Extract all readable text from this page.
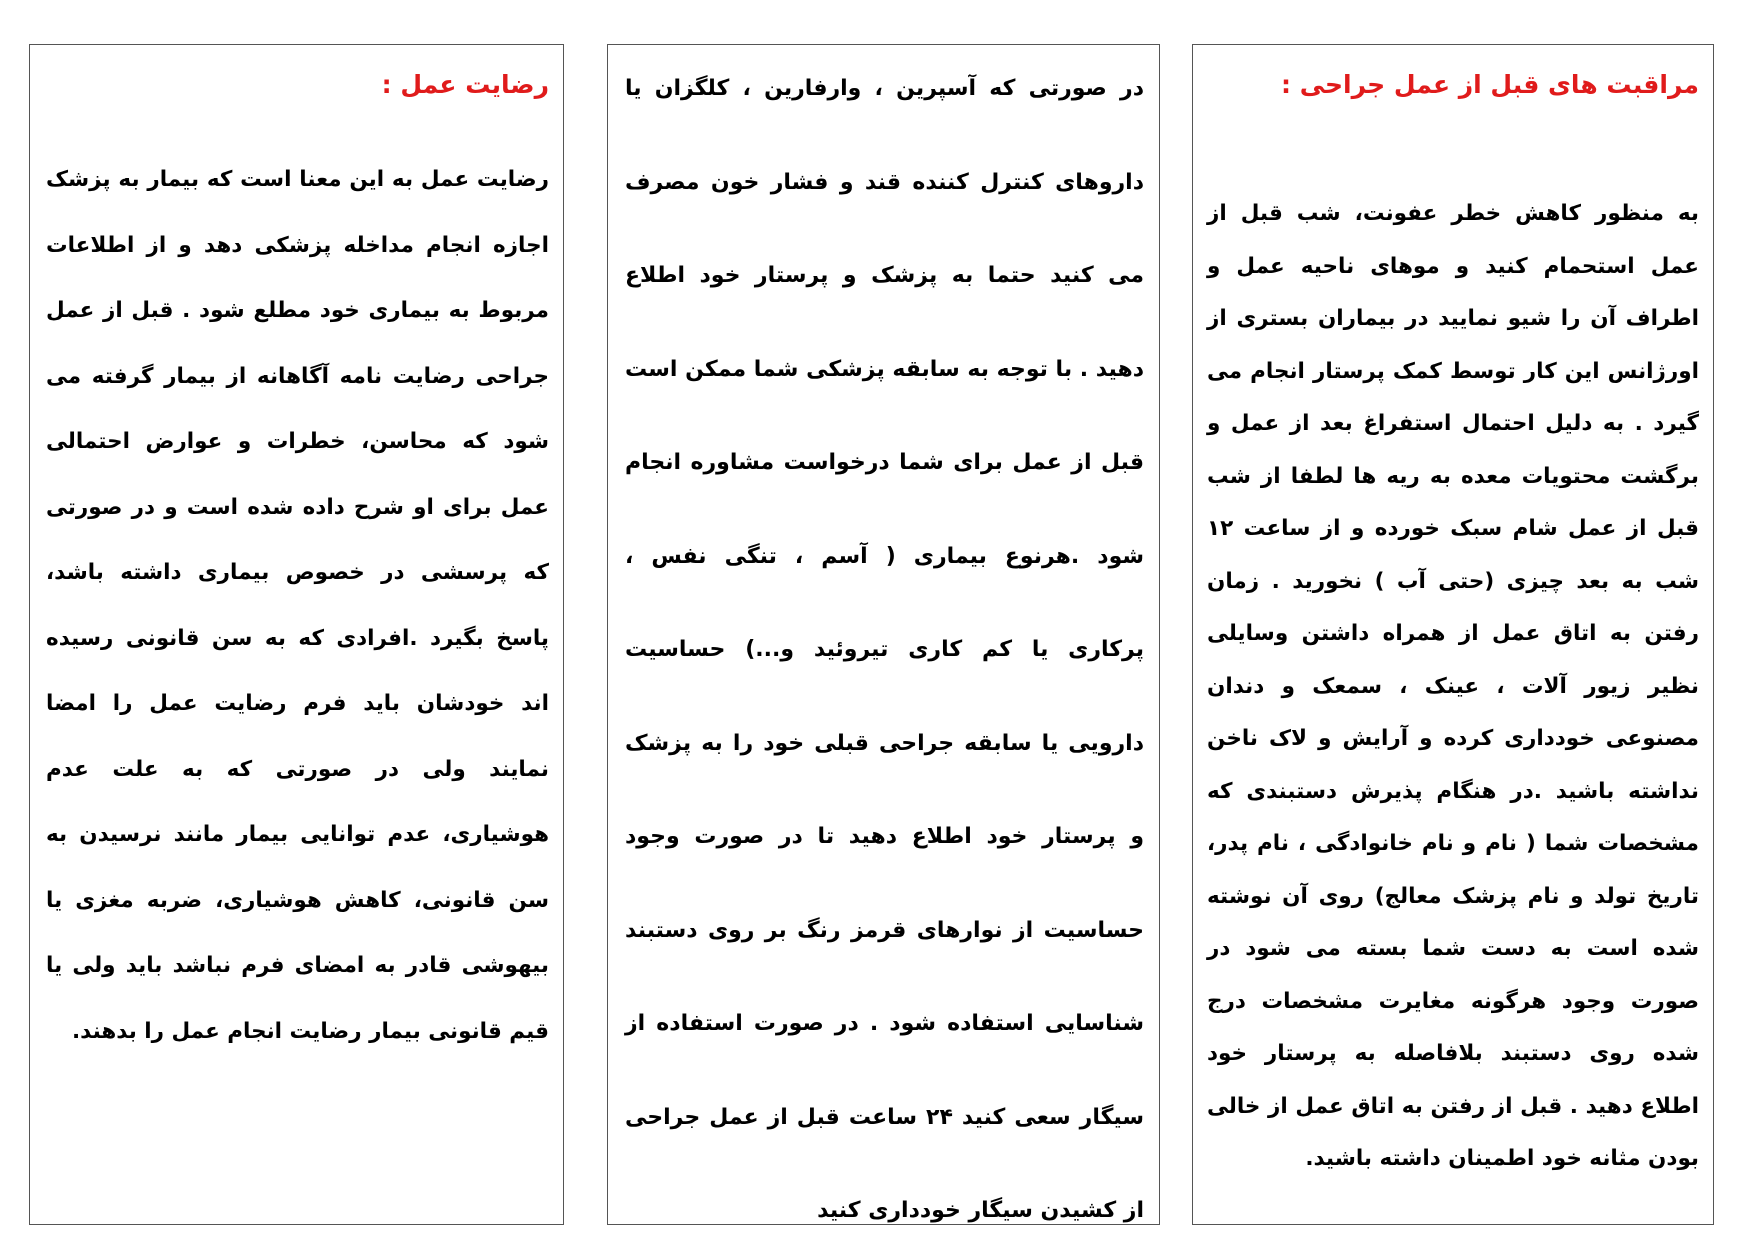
رضایت عمل :

رضایت عمل به این معنا است که بیمار به پزشک اجازه انجام مداخله پزشکی دهد و از اطلاعات مربوط به بیماری خود مطلع شود . قبل از عمل جراحی رضایت نامه آگاهانه از بیمار گرفته می شود که محاسن، خطرات و عوارض احتمالی عمل برای او شرح داده شده است و در صورتی که پرسشی در خصوص بیماری داشته باشد، پاسخ بگیرد .افرادی که به سن قانونی رسیده اند خودشان باید فرم رضایت عمل را امضا نمایند ولی در صورتی که به علت عدم هوشیاری، عدم توانایی بیمار مانند نرسیدن به سن قانونی، کاهش هوشیاری، ضربه مغزی یا بیهوشی قادر به امضای فرم نباشد باید ولی یا قیم قانونی بیمار رضایت انجام عمل را بدهند.

در صورتی که آسپرین ، وارفارین ، کلگزان یا داروهای کنترل کننده قند و فشار خون مصرف می کنید حتما به پزشک و پرستار خود اطلاع دهید . با توجه به سابقه پزشکی شما ممکن است قبل از عمل برای شما درخواست مشاوره انجام شود .هرنوع بیماری ( آسم ، تنگی نفس ، پرکاری یا کم کاری تیروئید و...) حساسیت دارویی یا سابقه جراحی قبلی خود را به پزشک و پرستار خود اطلاع دهید تا در صورت وجود حساسیت از نوارهای قرمز رنگ بر روی دستبند شناسایی استفاده شود . در صورت استفاده از سیگار سعی کنید ۲۴ ساعت قبل از عمل جراحی از کشیدن سیگار خودداری کنید

مراقبت های قبل از عمل جراحی :

به منظور کاهش خطر عفونت، شب قبل از عمل استحمام کنید و موهای ناحیه عمل و اطراف آن را شیو نمایید در بیماران بستری از اورژانس این کار توسط کمک پرستار انجام می گیرد . به دلیل احتمال استفراغ بعد از عمل و برگشت محتویات معده به ریه ها لطفا از شب قبل از عمل شام سبک خورده و از ساعت ۱۲ شب به بعد چیزی (حتی آب ) نخورید . زمان رفتن به اتاق عمل از همراه داشتن وسایلی نظیر زیور آلات ، عینک ، سمعک و دندان مصنوعی خودداری کرده و آرایش و لاک ناخن نداشته باشید .در هنگام پذیرش دستبندی که مشخصات شما ( نام و نام خانوادگی ، نام پدر، تاریخ تولد و نام پزشک معالج) روی آن نوشته شده است به دست شما بسته می شود در صورت وجود هرگونه مغایرت مشخصات درج شده روی دستبند بلافاصله به پرستار خود اطلاع دهید . قبل از رفتن به اتاق عمل از خالی بودن مثانه خود اطمینان داشته باشید.
